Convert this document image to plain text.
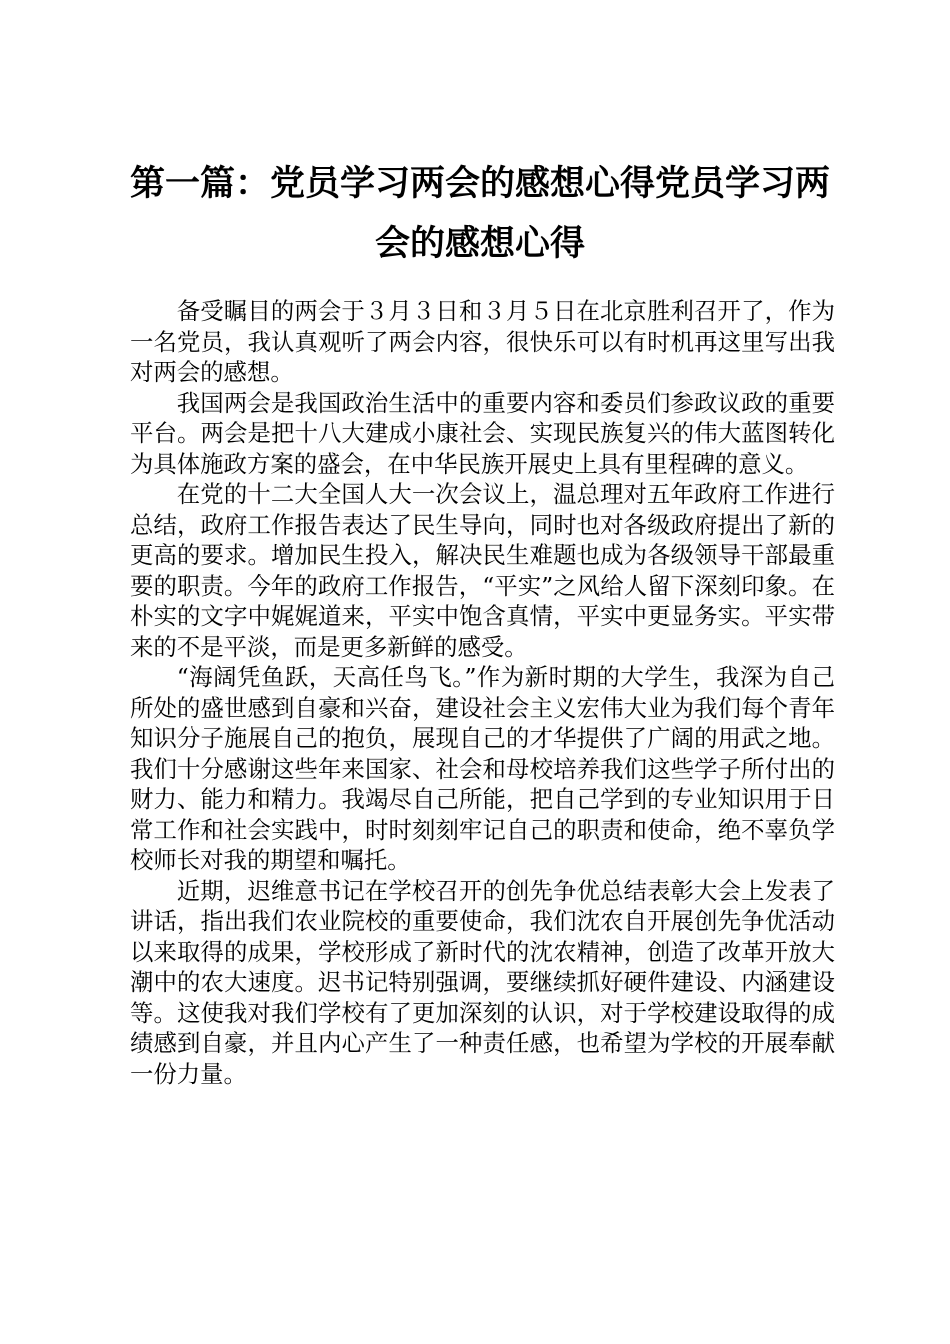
第一篇：党员学习两会的感想心得党员学习两
会的感想心得

备受瞩目的两会于３月３日和３月５日在北京胜利召开了，作为一名党员，我认真观听了两会内容，很快乐可以有时机再这里写出我对两会的感想。

我国两会是我国政治生活中的重要内容和委员们参政议政的重要平台。两会是把十八大建成小康社会、实现民族复兴的伟大蓝图转化为具体施政方案的盛会，在中华民族开展史上具有里程碑的意义。

在党的十二大全国人大一次会议上，温总理对五年政府工作进行总结，政府工作报告表达了民生导向，同时也对各级政府提出了新的更高的要求。增加民生投入，解决民生难题也成为各级领导干部最重要的职责。今年的政府工作报告，“平实”之风给人留下深刻印象。在朴实的文字中娓娓道来，平实中饱含真情，平实中更显务实。平实带来的不是平淡，而是更多新鲜的感受。

“海阔凭鱼跃，天高任鸟飞。”作为新时期的大学生，我深为自己所处的盛世感到自豪和兴奋，建设社会主义宏伟大业为我们每个青年知识分子施展自己的抱负，展现自己的才华提供了广阔的用武之地。我们十分感谢这些年来国家、社会和母校培养我们这些学子所付出的财力、能力和精力。我竭尽自己所能，把自己学到的专业知识用于日常工作和社会实践中，时时刻刻牢记自己的职责和使命，绝不辜负学校师长对我的期望和嘱托。

近期，迟维意书记在学校召开的创先争优总结表彰大会上发表了讲话，指出我们农业院校的重要使命，我们沈农自开展创先争优活动以来取得的成果，学校形成了新时代的沈农精神，创造了改革开放大潮中的农大速度。迟书记特别强调，要继续抓好硬件建设、内涵建设等。这使我对我们学校有了更加深刻的认识，对于学校建设取得的成绩感到自豪，并且内心产生了一种责任感，也希望为学校的开展奉献一份力量。
